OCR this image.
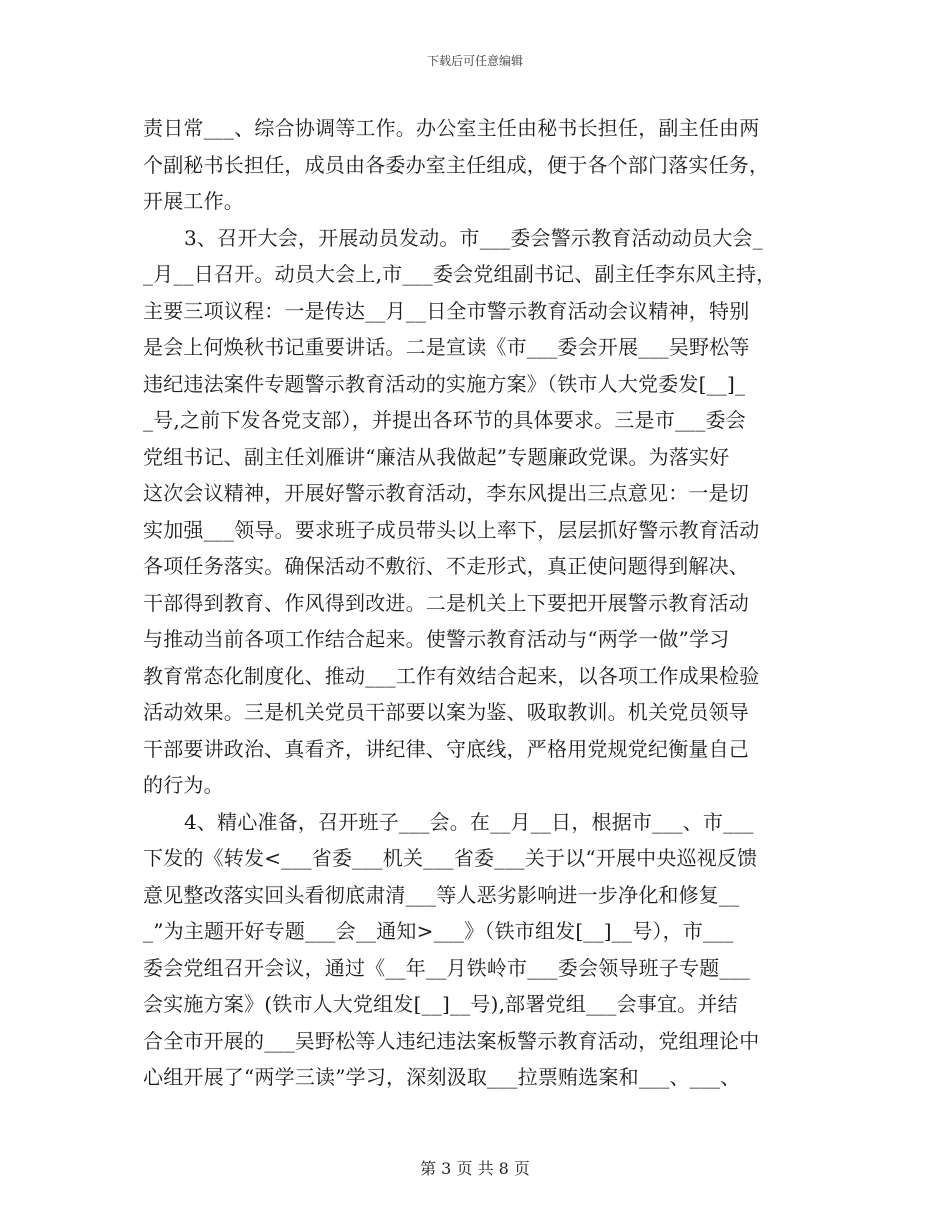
下载后可任意编辑
责日常___、综合协调等工作。办公室主任由秘书长担任，副主任由两
个副秘书长担任，成员由各委办室主任组成，便于各个部门落实任务，
开展工作。
3、召开大会，开展动员发动。市___委会警示教育活动动员大会_
_月__日召开。动员大会上,市___委会党组副书记、副主任李东风主持，
主要三项议程：一是传达__月__日全市警示教育活动会议精神，特别
是会上何焕秋书记重要讲话。二是宣读《市___委会开展___吴野松等
违纪违法案件专题警示教育活动的实施方案》（铁市人大党委发[__]_
_号,之前下发各党支部），并提出各环节的具体要求。三是市___委会
党组书记、副主任刘雁讲“廉洁从我做起”专题廉政党课。为落实好
这次会议精神，开展好警示教育活动，李东风提出三点意见：一是切
实加强___领导。要求班子成员带头以上率下，层层抓好警示教育活动
各项任务落实。确保活动不敷衍、不走形式，真正使问题得到解决、
干部得到教育、作风得到改进。二是机关上下要把开展警示教育活动
与推动当前各项工作结合起来。使警示教育活动与“两学一做”学习
教育常态化制度化、推动___工作有效结合起来，以各项工作成果检验
活动效果。三是机关党员干部要以案为鉴、吸取教训。机关党员领导
干部要讲政治、真看齐，讲纪律、守底线，严格用党规党纪衡量自己
的行为。
4、精心准备，召开班子___会。在__月__日，根据市___、市___
下发的《转发<___省委___机关___省委___关于以“开展中央巡视反馈
意见整改落实回头看彻底肃清___等人恶劣影响进一步净化和修复__
_”为主题开好专题___会__通知>___》（铁市组发[__]__号），市___
委会党组召开会议，通过《__年__月铁岭市___委会领导班子专题___
会实施方案》(铁市人大党组发[__]__号),部署党组___会事宜。并结
合全市开展的___吴野松等人违纪违法案板警示教育活动，党组理论中
心组开展了“两学三读”学习，深刻汲取___拉票贿选案和___、___、
第 3 页 共 8 页
